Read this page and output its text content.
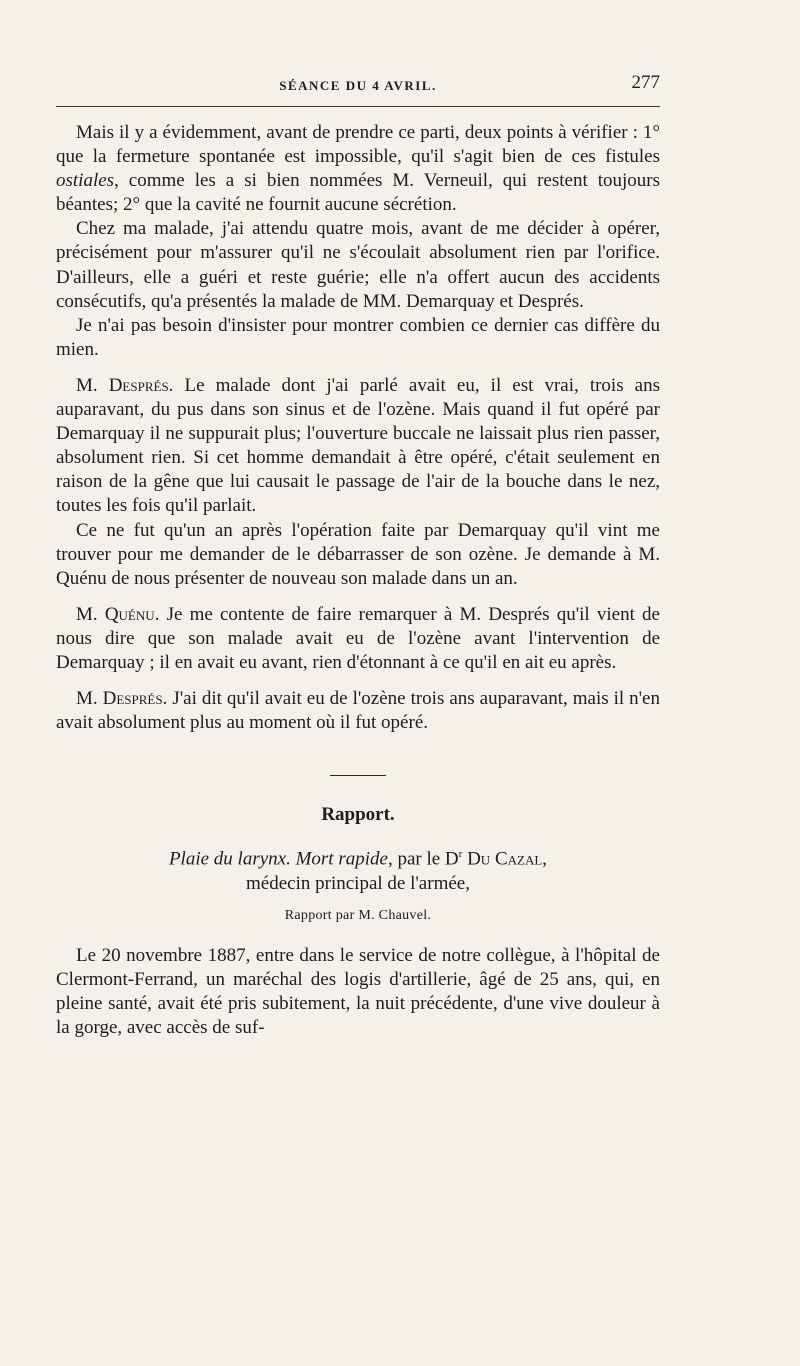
SÉANCE DU 4 AVRIL.	277

Mais il y a évidemment, avant de prendre ce parti, deux points à vérifier : 1° que la fermeture spontanée est impossible, qu'il s'agit bien de ces fistules ostiales, comme les a si bien nommées M. Verneuil, qui restent toujours béantes; 2° que la cavité ne fournit aucune sécrétion.

Chez ma malade, j'ai attendu quatre mois, avant de me décider à opérer, précisément pour m'assurer qu'il ne s'écoulait absolument rien par l'orifice. D'ailleurs, elle a guéri et reste guérie; elle n'a offert aucun des accidents consécutifs, qu'a présentés la malade de MM. Demarquay et Després.

Je n'ai pas besoin d'insister pour montrer combien ce dernier cas diffère du mien.

M. Després. Le malade dont j'ai parlé avait eu, il est vrai, trois ans auparavant, du pus dans son sinus et de l'ozène. Mais quand il fut opéré par Demarquay il ne suppurait plus; l'ouverture buccale ne laissait plus rien passer, absolument rien. Si cet homme demandait à être opéré, c'était seulement en raison de la gêne que lui causait le passage de l'air de la bouche dans le nez, toutes les fois qu'il parlait.

Ce ne fut qu'un an après l'opération faite par Demarquay qu'il vint me trouver pour me demander de le débarrasser de son ozène. Je demande à M. Quénu de nous présenter de nouveau son malade dans un an.

M. Quénu. Je me contente de faire remarquer à M. Després qu'il vient de nous dire que son malade avait eu de l'ozène avant l'intervention de Demarquay ; il en avait eu avant, rien d'étonnant à ce qu'il en ait eu après.

M. Després. J'ai dit qu'il avait eu de l'ozène trois ans auparavant, mais il n'en avait absolument plus au moment où il fut opéré.

Rapport.
Plaie du larynx. Mort rapide, par le $D^r$ Du Cazal,
médecin principal de l'armée,
Rapport par M. Chauvel.

Le 20 novembre 1887, entre dans le service de notre collègue, à l'hôpital de Clermont-Ferrand, un maréchal des logis d'artillerie, âgé de 25 ans, qui, en pleine santé, avait été pris subitement, la nuit précédente, d'une vive douleur à la gorge, avec accès de suf-
